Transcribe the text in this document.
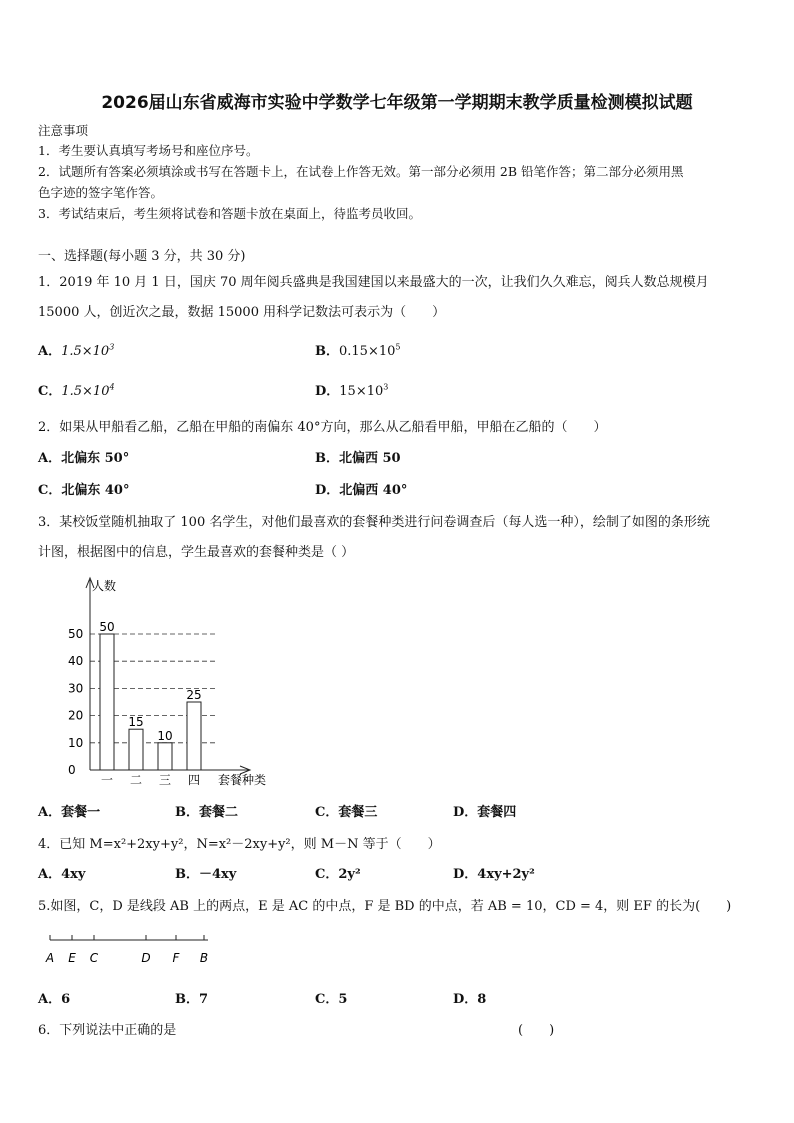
2026届山东省威海市实验中学数学七年级第一学期期末教学质量检测模拟试题
注意事项
1．考生要认真填写考场号和座位序号。
2．试题所有答案必须填涂或书写在答题卡上，在试卷上作答无效。第一部分必须用 2B 铅笔作答；第二部分必须用黑
色字迹的签字笔作答。
3．考试结束后，考生须将试卷和答题卡放在桌面上，待监考员收回。
一、选择题(每小题 3 分，共 30 分)
1．2019 年 10 月 1 日，国庆 70 周年阅兵盛典是我国建国以来最盛大的一次，让我们久久难忘，阅兵人数总规模月
15000 人，创近次之最，数据 15000 用科学记数法可表示为（　　）
A．$1.5\times 10^3$	B．$0.15\times 10^5$
C．$1.5\times 10^4$	D．$15\times 10^3$
2．如果从甲船看乙船，乙船在甲船的南偏东 40°方向，那么从乙船看甲船，甲船在乙船的（　　）
A．北偏东 50°	B．北偏西 50
C．北偏东 40°	D．北偏西 40°
3．某校饭堂随机抽取了 100 名学生，对他们最喜欢的套餐种类进行问卷调查后（每人选一种），绘制了如图的条形统
计图，根据图中的信息，学生最喜欢的套餐种类是（ ）
50
15
10
25
0
10
20
30
40
50
一 二 三 四
人数
套餐种类
A．套餐一	B．套餐二	C．套餐三	D．套餐四
4．已知 M=x²+2xy+y²，N=x²－2xy+y²，则 M－N 等于（　　）
A．4xy	B．－4xy	C．2y²	D．4xy+2y²
5.如图，C，D 是线段 AB 上的两点，E 是 AC 的中点，F 是 BD 的中点，若 AB = 10，CD = 4，则 EF 的长为(　　)
A E C	D F B
A．6	B．7	C．5	D．8
6．下列说法中正确的是	(　　)
